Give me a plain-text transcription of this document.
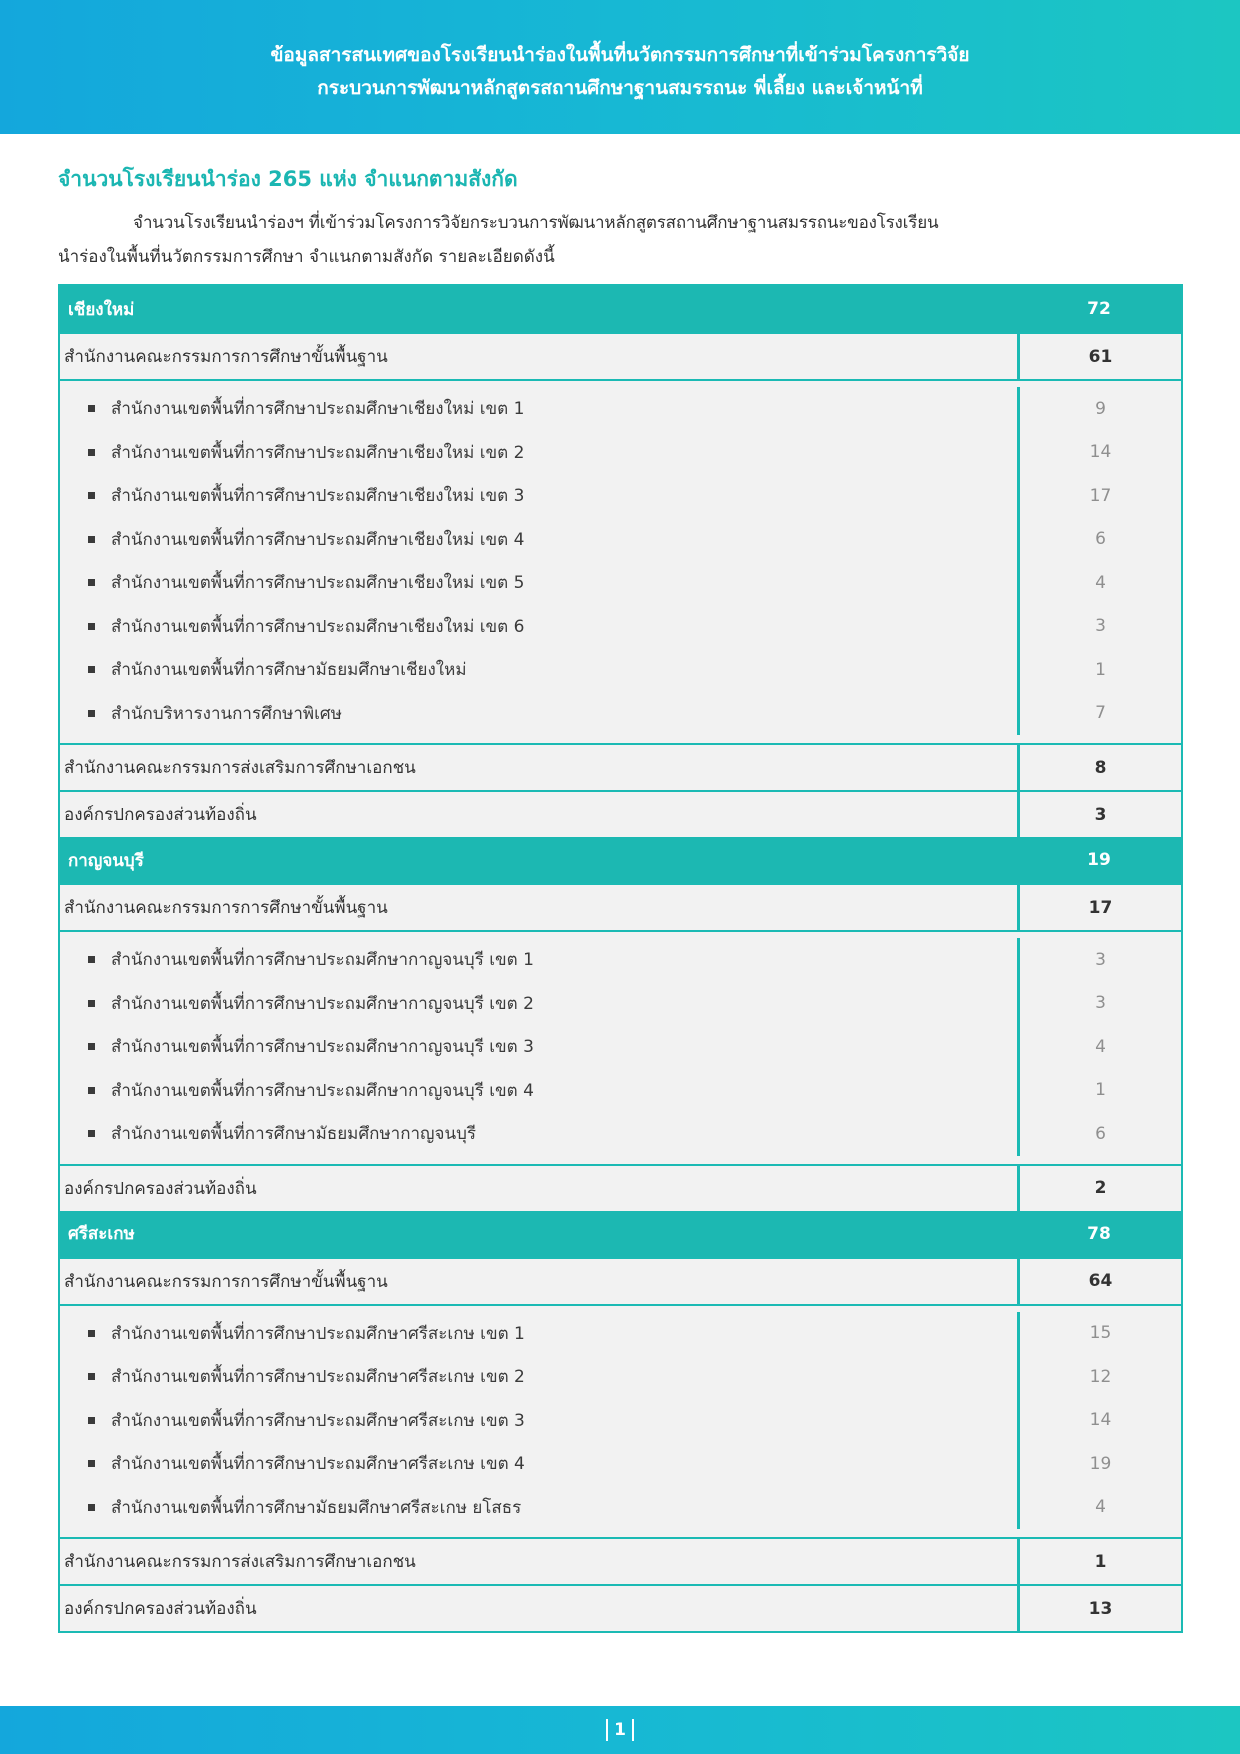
ข้อมูลสารสนเทศของโรงเรียนนำร่องในพื้นที่นวัตกรรมการศึกษาที่เข้าร่วมโครงการวิจัย
กระบวนการพัฒนาหลักสูตรสถานศึกษาฐานสมรรถนะ พี่เลี้ยง และเจ้าหน้าที่
จำนวนโรงเรียนนำร่อง 265 แห่ง จำแนกตามสังกัด
จำนวนโรงเรียนนำร่องฯ ที่เข้าร่วมโครงการวิจัยกระบวนการพัฒนาหลักสูตรสถานศึกษาฐานสมรรถนะของโรงเรียน
นำร่องในพื้นที่นวัตกรรมการศึกษา จำแนกตามสังกัด รายละเอียดดังนี้
เชียงใหม่	72
สำนักงานคณะกรรมการการศึกษาขั้นพื้นฐาน	61
สำนักงานเขตพื้นที่การศึกษาประถมศึกษาเชียงใหม่ เขต 1	9
สำนักงานเขตพื้นที่การศึกษาประถมศึกษาเชียงใหม่ เขต 2	14
สำนักงานเขตพื้นที่การศึกษาประถมศึกษาเชียงใหม่ เขต 3	17
สำนักงานเขตพื้นที่การศึกษาประถมศึกษาเชียงใหม่ เขต 4	6
สำนักงานเขตพื้นที่การศึกษาประถมศึกษาเชียงใหม่ เขต 5	4
สำนักงานเขตพื้นที่การศึกษาประถมศึกษาเชียงใหม่ เขต 6	3
สำนักงานเขตพื้นที่การศึกษามัธยมศึกษาเชียงใหม่	1
สำนักบริหารงานการศึกษาพิเศษ	7
สำนักงานคณะกรรมการส่งเสริมการศึกษาเอกชน	8
องค์กรปกครองส่วนท้องถิ่น	3
กาญจนบุรี	19
สำนักงานคณะกรรมการการศึกษาขั้นพื้นฐาน	17
สำนักงานเขตพื้นที่การศึกษาประถมศึกษากาญจนบุรี เขต 1	3
สำนักงานเขตพื้นที่การศึกษาประถมศึกษากาญจนบุรี เขต 2	3
สำนักงานเขตพื้นที่การศึกษาประถมศึกษากาญจนบุรี เขต 3	4
สำนักงานเขตพื้นที่การศึกษาประถมศึกษากาญจนบุรี เขต 4	1
สำนักงานเขตพื้นที่การศึกษามัธยมศึกษากาญจนบุรี	6
องค์กรปกครองส่วนท้องถิ่น	2
ศรีสะเกษ	78
สำนักงานคณะกรรมการการศึกษาขั้นพื้นฐาน	64
สำนักงานเขตพื้นที่การศึกษาประถมศึกษาศรีสะเกษ เขต 1	15
สำนักงานเขตพื้นที่การศึกษาประถมศึกษาศรีสะเกษ เขต 2	12
สำนักงานเขตพื้นที่การศึกษาประถมศึกษาศรีสะเกษ เขต 3	14
สำนักงานเขตพื้นที่การศึกษาประถมศึกษาศรีสะเกษ เขต 4	19
สำนักงานเขตพื้นที่การศึกษามัธยมศึกษาศรีสะเกษ ยโสธร	4
สำนักงานคณะกรรมการส่งเสริมการศึกษาเอกชน	1
องค์กรปกครองส่วนท้องถิ่น	13
1
